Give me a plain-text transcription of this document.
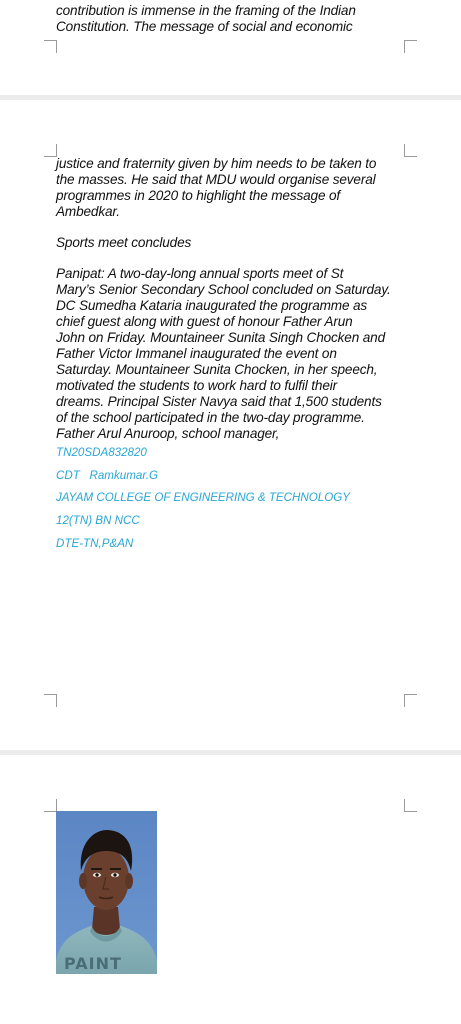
contribution is immense in the framing of the Indian

Constitution. The message of social and economic

justice and fraternity given by him needs to be taken to
the masses. He said that MDU would organise several
programmes in 2020 to highlight the message of
Ambedkar.

Sports meet concludes

Panipat: A two-day-long annual sports meet of St
Mary’s Senior Secondary School concluded on Saturday.
DC Sumedha Kataria inaugurated the programme as
chief guest along with guest of honour Father Arun
John on Friday. Mountaineer Sunita Singh Chocken and
Father Victor Immanel inaugurated the event on
Saturday. Mountaineer Sunita Chocken, in her speech,
motivated the students to work hard to fulfil their
dreams. Principal Sister Navya said that 1,500 students
of the school participated in the two-day programme.
Father Arul Anuroop, school manager,

TN20SDA832820
CDT   Ramkumar.G
JAYAM COLLEGE OF ENGINEERING & TECHNOLOGY
12(TN) BN NCC
DTE-TN,P&AN
PAINT
